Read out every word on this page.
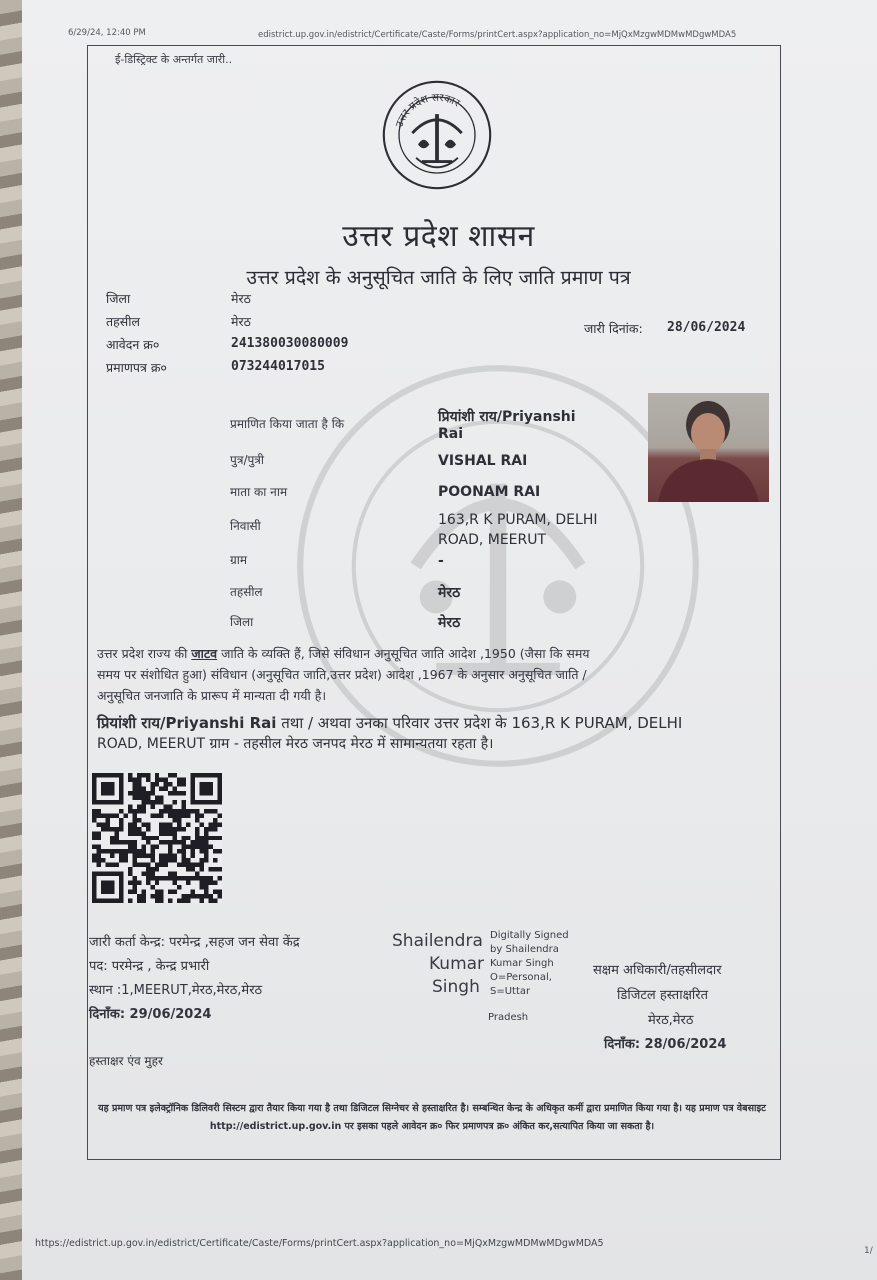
6/29/24, 12:40 PM	edistrict.up.gov.in/edistrict/Certificate/Caste/Forms/printCert.aspx?application_no=MjQxMzgwMDMwMDgwMDA5
ई-डिस्ट्रिक्ट के अन्तर्गत जारी..
उत्तर प्रदेश सरकार
उत्तर प्रदेश शासन
उत्तर प्रदेश के अनुसूचित जाति के लिए जाति प्रमाण पत्र
जिला	मेरठ
तहसील	मेरठ
आवेदन क्र०	241380030080009
प्रमाणपत्र क्र०	073244017015
जारी दिनांक: 28/06/2024
प्रमाणित किया जाता है कि	प्रियांशी राय/Priyanshi
Rai
पुत्र/पुत्री	VISHAL RAI
माता का नाम	POONAM RAI
निवासी	163,R K PURAM, DELHI
ROAD, MEERUT
ग्राम	-
तहसील	मेरठ
जिला	मेरठ
उत्तर प्रदेश राज्य की जाटव जाति के व्यक्ति हैं, जिसे संविधान अनुसूचित जाति आदेश ,1950 (जैसा कि समय
समय पर संशोधित हुआ) संविधान (अनुसूचित जाति,उत्तर प्रदेश) आदेश ,1967 के अनुसार अनुसूचित जाति /
अनुसूचित जनजाति के प्रारूप में मान्यता दी गयी है।
प्रियांशी राय/Priyanshi Rai तथा / अथवा उनका परिवार उत्तर प्रदेश के 163,R K PURAM, DELHI
ROAD, MEERUT ग्राम - तहसील मेरठ जनपद मेरठ में सामान्यतया रहता है।
जारी कर्ता केन्द्र: परमेन्द्र ,सहज जन सेवा केंद्र
पद: परमेन्द्र , केन्द्र प्रभारी
स्थान :1,MEERUT,मेरठ,मेरठ,मेरठ
दिनाँक: 29/06/2024
हस्ताक्षर एंव मुहर
Shailendra
Kumar
Singh
Digitally Signed
by Shailendra
Kumar Singh
O=Personal,
S=Uttar
Pradesh
सक्षम अधिकारी/तहसीलदार
डिजिटल हस्ताक्षरित
मेरठ,मेरठ
दिनाँक: 28/06/2024
यह प्रमाण पत्र इलेक्ट्रॉनिक डिलिवरी सिस्टम द्वारा तैयार किया गया है तथा डिजिटल सिग्नेचर से हस्ताक्षरित है। सम्बन्धित केन्द्र के अधिकृत कर्मी द्वारा प्रमाणित किया गया है। यह प्रमाण पत्र वेबसाइट http://edistrict.up.gov.in पर इसका पहले आवेदन क्र० फिर प्रमाणपत्र क्र० अंकित कर,सत्यापित किया जा सकता है।
https://edistrict.up.gov.in/edistrict/Certificate/Caste/Forms/printCert.aspx?application_no=MjQxMzgwMDMwMDgwMDA5
1/
